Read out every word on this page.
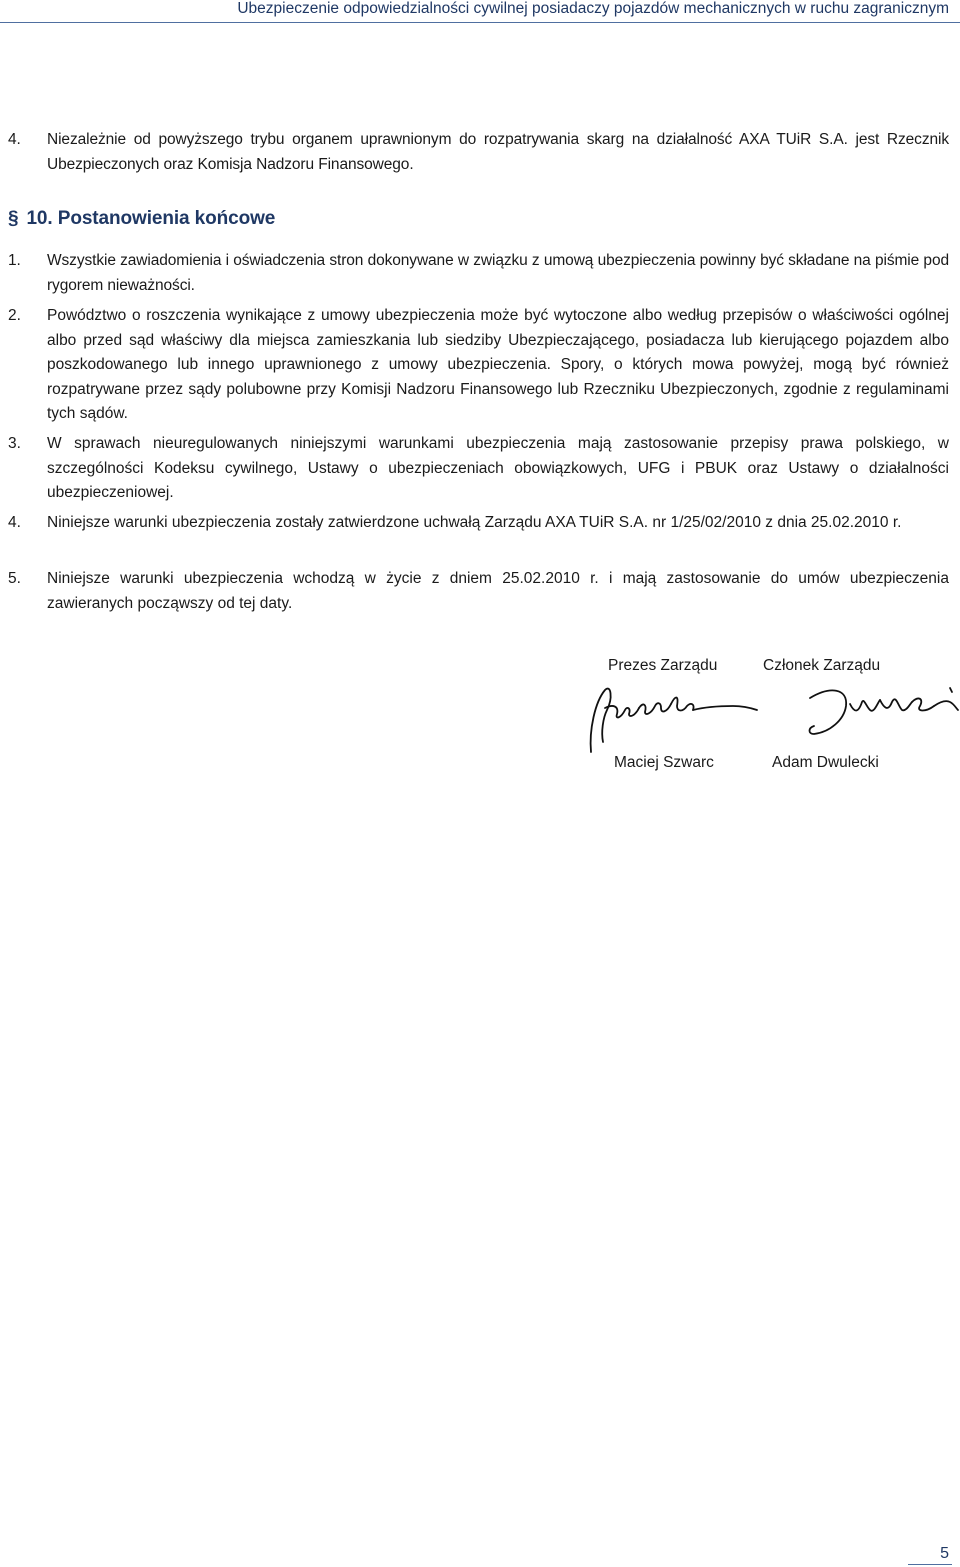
Ubezpieczenie odpowiedzialności cywilnej posiadaczy pojazdów mechanicznych w ruchu zagranicznym
4. Niezależnie od powyższego trybu organem uprawnionym do rozpatrywania skarg na działalność AXA TUiR S.A. jest Rzecznik Ubezpieczonych oraz Komisja Nadzoru Finansowego.
§ 10. Postanowienia końcowe
1. Wszystkie zawiadomienia i oświadczenia stron dokonywane w związku z umową ubezpieczenia powinny być składane na piśmie pod rygorem nieważności.
2. Powództwo o roszczenia wynikające z umowy ubezpieczenia może być wytoczone albo według przepisów o właściwości ogólnej albo przed sąd właściwy dla miejsca zamieszkania lub siedziby Ubezpieczającego, posiadacza lub kierującego pojazdem albo poszkodowanego lub innego uprawnionego z umowy ubezpieczenia. Spory, o których mowa powyżej, mogą być również rozpatrywane przez sądy polubowne przy Komisji Nadzoru Finansowego lub Rzeczniku Ubezpieczonych, zgodnie z regulaminami tych sądów.
3. W sprawach nieuregulowanych niniejszymi warunkami ubezpieczenia mają zastosowanie przepisy prawa polskiego, w szczególności Kodeksu cywilnego, Ustawy o ubezpieczeniach obowiązkowych, UFG i PBUK oraz Ustawy o działalności ubezpieczeniowej.
4. Niniejsze warunki ubezpieczenia zostały zatwierdzone uchwałą Zarządu AXA TUiR S.A. nr 1/25/02/2010 z dnia 25.02.2010 r.
5. Niniejsze warunki ubezpieczenia wchodzą w życie z dniem 25.02.2010 r. i mają zastosowanie do umów ubezpieczenia zawieranych począwszy od tej daty.
Prezes Zarządu	Członek Zarządu
Maciej Szwarc	Adam Dwulecki
5
